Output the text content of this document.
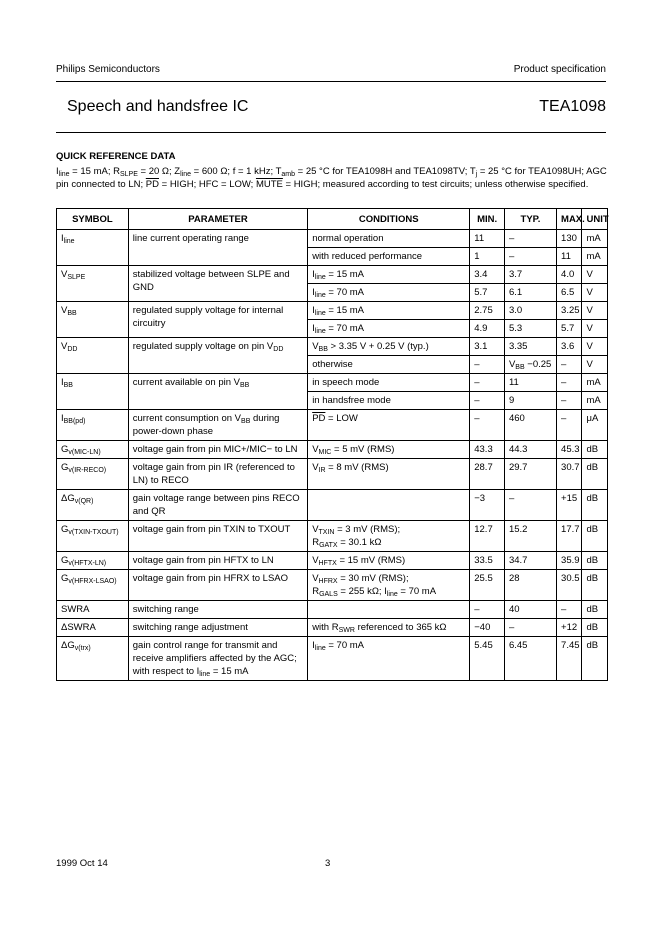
Philips Semiconductors	Product specification
Speech and handsfree IC	TEA1098
QUICK REFERENCE DATA
$I_{line} = 15$ mA; $R_{SLPE} = 20$ Ω; $Z_{line} = 600$ Ω; f = 1 kHz; $T_{amb} = 25$ °C for TEA1098H and TEA1098TV; $T_j = 25$ °C for TEA1098UH; AGC pin connected to LN; $\overline{PD}$ = HIGH; HFC = LOW; MUTE = HIGH; measured according to test circuits; unless otherwise specified.
SYMBOL	PARAMETER	CONDITIONS	MIN.	TYP.	MAX.	UNIT
$I_{line}$	line current operating range	normal operation	11	–	130	mA
		with reduced performance	1	–	11	mA
$V_{SLPE}$	stabilized voltage between SLPE and GND	$I_{line} = 15$ mA	3.4	3.7	4.0	V
		$I_{line} = 70$ mA	5.7	6.1	6.5	V
$V_{BB}$	regulated supply voltage for internal circuitry	$I_{line} = 15$ mA	2.75	3.0	3.25	V
		$I_{line} = 70$ mA	4.9	5.3	5.7	V
$V_{DD}$	regulated supply voltage on pin $V_{DD}$	$V_{BB} > 3.35$ V + 0.25 V (typ.)	3.1	3.35	3.6	V
		otherwise	–	$V_{BB} -0.25$	–	V
$I_{BB}$	current available on pin $V_{BB}$	in speech mode	–	11	–	mA
		in handsfree mode	–	9	–	mA
$I_{BB(pd)}$	current consumption on $V_{BB}$ during power-down phase	$\overline{PD}$ = LOW	–	460	–	μA
$G_{v(MIC-LN)}$	voltage gain from pin MIC+/MIC− to LN	$V_{MIC} = 5$ mV (RMS)	43.3	44.3	45.3	dB
$G_{v(IR-RECO)}$	voltage gain from pin IR (referenced to LN) to RECO	$V_{IR} = 8$ mV (RMS)	28.7	29.7	30.7	dB
$\Delta G_{v(QR)}$	gain voltage range between pins RECO and QR		−3	–	+15	dB
$G_{v(TXIN-TXOUT)}$	voltage gain from pin TXIN to TXOUT	$V_{TXIN} = 3$ mV (RMS);
$R_{GATX} = 30.1$ kΩ	12.7	15.2	17.7	dB
$G_{v(HFTX-LN)}$	voltage gain from pin HFTX to LN	$V_{HFTX} = 15$ mV (RMS)	33.5	34.7	35.9	dB
$G_{v(HFRX-LSAO)}$	voltage gain from pin HFRX to LSAO	$V_{HFRX} = 30$ mV (RMS);
$R_{GALS} = 255$ kΩ; $I_{line} = 70$ mA	25.5	28	30.5	dB
SWRA	switching range		–	40	–	dB
ΔSWRA	switching range adjustment	with $R_{SWR}$ referenced to 365 kΩ	−40	–	+12	dB
$\Delta G_{v(trx)}$	gain control range for transmit and receive amplifiers affected by the AGC; with respect to $I_{line} = 15$ mA	$I_{line} = 70$ mA	5.45	6.45	7.45	dB
1999 Oct 14	3
